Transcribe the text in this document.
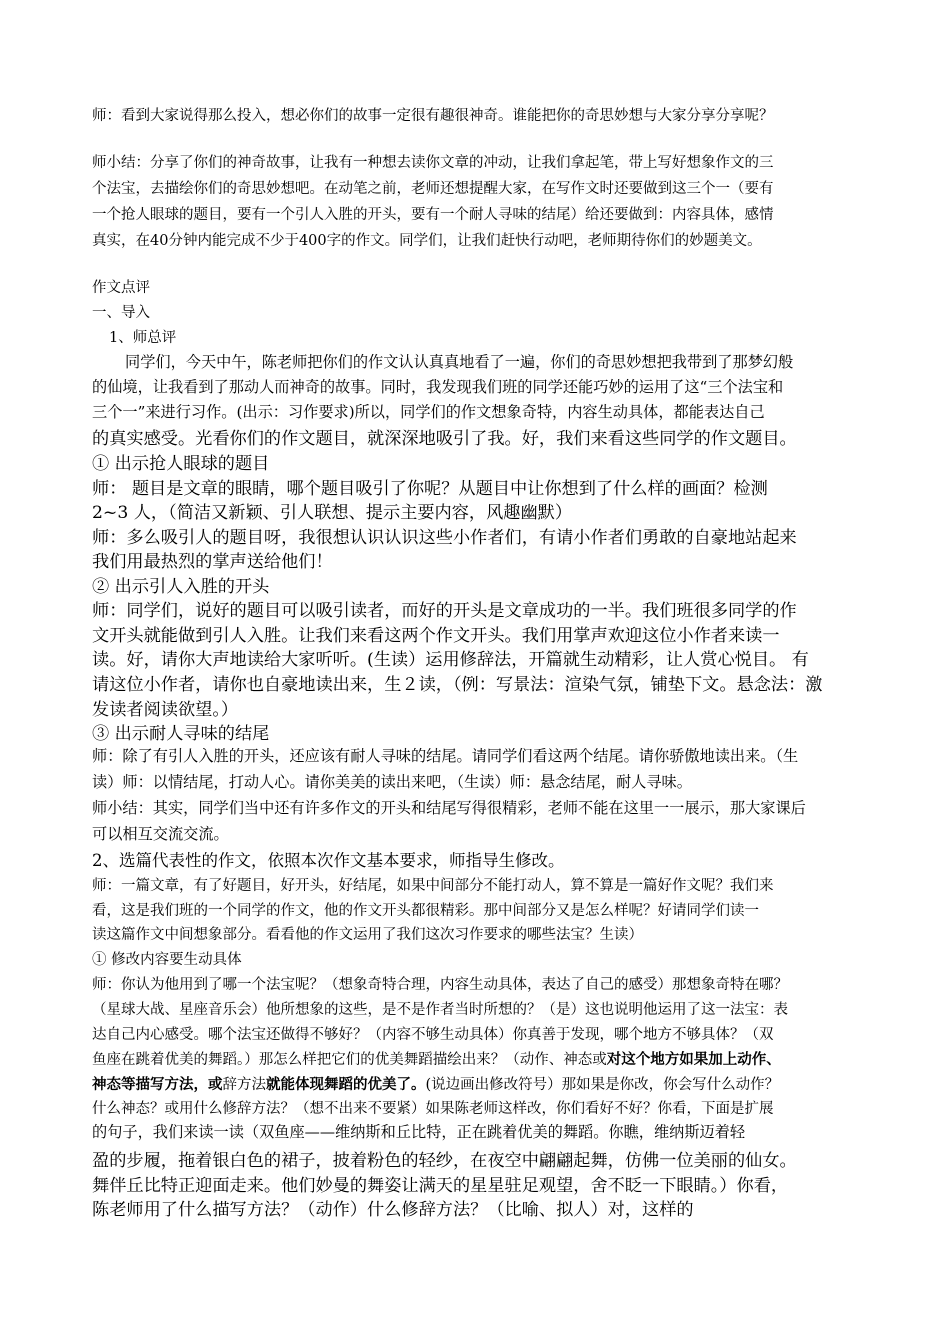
师：看到大家说得那么投入，想必你们的故事一定很有趣很神奇。谁能把你的奇思妙想与大家分享分享呢？
师小结：分享了你们的神奇故事，让我有一种想去读你文章的冲动，让我们拿起笔，带上写好想象作文的三
个法宝，去描绘你们的奇思妙想吧。在动笔之前，老师还想提醒大家，在写作文时还要做到这三个一（要有
一个抢人眼球的题目，要有一个引人入胜的开头，要有一个耐人寻味的结尾）给还要做到：内容具体，感情
真实，在40分钟内能完成不少于400字的作文。同学们，让我们赶快行动吧，老师期待你们的妙题美文。
作文点评
一、导入
1、师总评
同学们，今天中午，陈老师把你们的作文认认真真地看了一遍，你们的奇思妙想把我带到了那梦幻般
的仙境，让我看到了那动人而神奇的故事。同时，我发现我们班的同学还能巧妙的运用了这“三个法宝和
三个一”来进行习作。(出示：习作要求)所以，同学们的作文想象奇特，内容生动具体，都能表达自己
的真实感受。光看你们的作文题目，就深深地吸引了我。好，我们来看这些同学的作文题目。
① 出示抢人眼球的题目
师： 题目是文章的眼睛，哪个题目吸引了你呢？从题目中让你想到了什么样的画面？检测
2~3 人，（简洁又新颖、引人联想、提示主要内容，风趣幽默）
师：多么吸引人的题目呀，我很想认识认识这些小作者们，有请小作者们勇敢的自豪地站起来
我们用最热烈的掌声送给他们！
② 出示引人入胜的开头
师：同学们，说好的题目可以吸引读者，而好的开头是文章成功的一半。我们班很多同学的作
文开头就能做到引人入胜。让我们来看这两个作文开头。我们用掌声欢迎这位小作者来读一
读。好，请你大声地读给大家听听。(生读）运用修辞法，开篇就生动精彩，让人赏心悦目。 有
请这位小作者，请你也自豪地读出来，生２读，（例：写景法：渲染气氛，铺垫下文。悬念法：激
发读者阅读欲望。）
③ 出示耐人寻味的结尾
师：除了有引人入胜的开头，还应该有耐人寻味的结尾。请同学们看这两个结尾。请你骄傲地读出来。（生
读）师：以情结尾，打动人心。请你美美的读出来吧，（生读）师：悬念结尾，耐人寻味。
师小结：其实，同学们当中还有许多作文的开头和结尾写得很精彩，老师不能在这里一一展示，那大家课后
可以相互交流交流。
2、选篇代表性的作文，依照本次作文基本要求，师指导生修改。
师：一篇文章，有了好题目，好开头，好结尾，如果中间部分不能打动人，算不算是一篇好作文呢？我们来
看，这是我们班的一个同学的作文，他的作文开头都很精彩。那中间部分又是怎么样呢？好请同学们读一
读这篇作文中间想象部分。看看他的作文运用了我们这次习作要求的哪些法宝？生读）
① 修改内容要生动具体
师：你认为他用到了哪一个法宝呢？（想象奇特合理，内容生动具体，表达了自己的感受）那想象奇特在哪？
（星球大战、星座音乐会）他所想象的这些，是不是作者当时所想的？（是）这也说明他运用了这一法宝：表
达自己内心感受。哪个法宝还做得不够好？（内容不够生动具体）你真善于发现，哪个地方不够具体？（双
鱼座在跳着优美的舞蹈。）那怎么样把它们的优美舞蹈描绘出来？（动作、神态或对这个地方如果加上动作、
神态等描写方法，或辞方法就能体现舞蹈的优美了。(说边画出修改符号）那如果是你改，你会写什么动作？
什么神态？或用什么修辞方法？（想不出来不要紧）如果陈老师这样改，你们看好不好？你看，下面是扩展
的句子，我们来读一读（双鱼座——维纳斯和丘比特，正在跳着优美的舞蹈。你瞧，维纳斯迈着轻
盈的步履，拖着银白色的裙子，披着粉色的轻纱，在夜空中翩翩起舞，仿佛一位美丽的仙女。
舞伴丘比特正迎面走来。他们妙曼的舞姿让满天的星星驻足观望，舍不眨一下眼睛。）你看，
陈老师用了什么描写方法？（动作）什么修辞方法？（比喻、拟人）对，这样的
